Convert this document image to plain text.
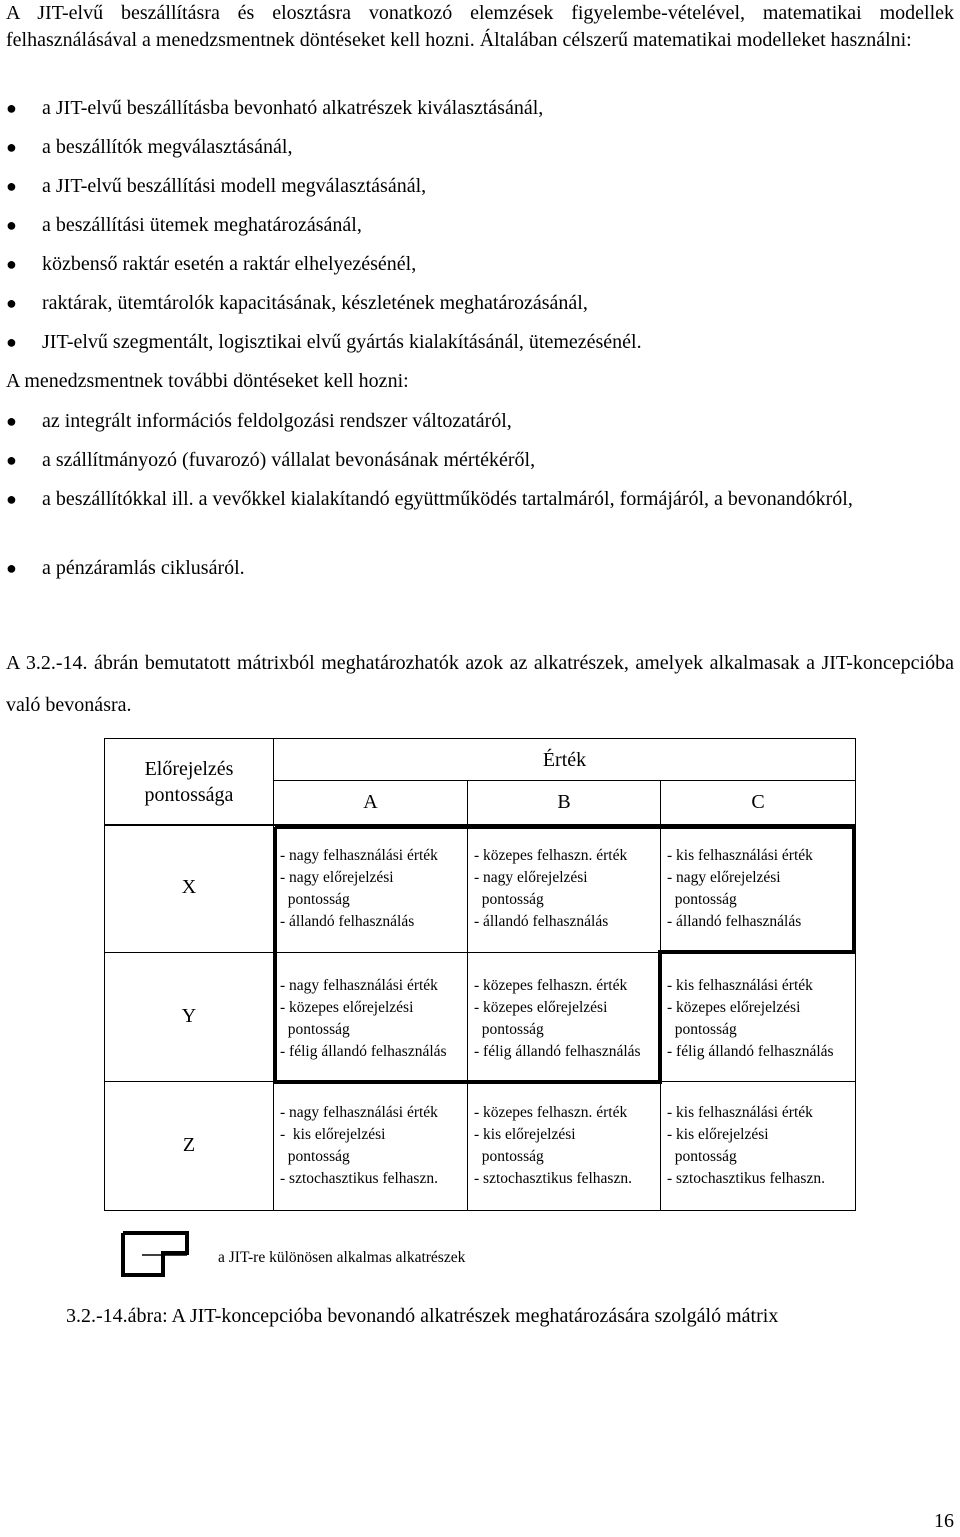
A JIT-elvű beszállításra és elosztásra vonatkozó elemzések figyelembe-vételével, matematikai modellek felhasználásával a menedzsmentnek döntéseket kell hozni. Általában célszerű matematikai modelleket használni:
● a JIT-elvű beszállításba bevonható alkatrészek kiválasztásánál,
● a beszállítók megválasztásánál,
● a JIT-elvű beszállítási modell megválasztásánál,
● a beszállítási ütemek meghatározásánál,
● közbenső raktár esetén a raktár elhelyezésénél,
● raktárak, ütemtárolók kapacitásának, készletének meghatározásánál,
● JIT-elvű szegmentált, logisztikai elvű gyártás kialakításánál, ütemezésénél.
A menedzsmentnek további döntéseket kell hozni:
● az integrált információs feldolgozási rendszer változatáról,
● a szállítmányozó (fuvarozó) vállalat bevonásának mértékéről,
● a beszállítókkal ill. a vevőkkel kialakítandó együttműködés tartalmáról, formájáról, a bevonandókról,
● a pénzáramlás ciklusáról.
A 3.2.-14. ábrán bemutatott mátrixból meghatározhatók azok az alkatrészek, amelyek alkalmasak a JIT-koncepcióba való bevonásra.
Előrejelzés pontossága
Érték
A	B	C
X
- nagy felhasználási érték
- nagy előrejelzési
pontosság
- állandó felhasználás
- közepes felhaszn. érték
- nagy előrejelzési
pontosság
- állandó felhasználás
- kis felhasználási érték
- nagy előrejelzési
pontosság
- állandó felhasználás
Y
- nagy felhasználási érték
- közepes előrejelzési
pontosság
- félig állandó felhasználás
- közepes felhaszn. érték
- közepes előrejelzési
pontosság
- félig állandó felhasználás
- kis felhasználási érték
- közepes előrejelzési
pontosság
- félig állandó felhasználás
Z
- nagy felhasználási érték
-  kis előrejelzési
pontosság
- sztochasztikus felhaszn.
- közepes felhaszn. érték
- kis előrejelzési
pontosság
- sztochasztikus felhaszn.
- kis felhasználási érték
- kis előrejelzési
pontosság
- sztochasztikus felhaszn.
a JIT-re különösen alkalmas alkatrészek
3.2.-14.ábra: A JIT-koncepcióba bevonandó alkatrészek meghatározására szolgáló mátrix
16
